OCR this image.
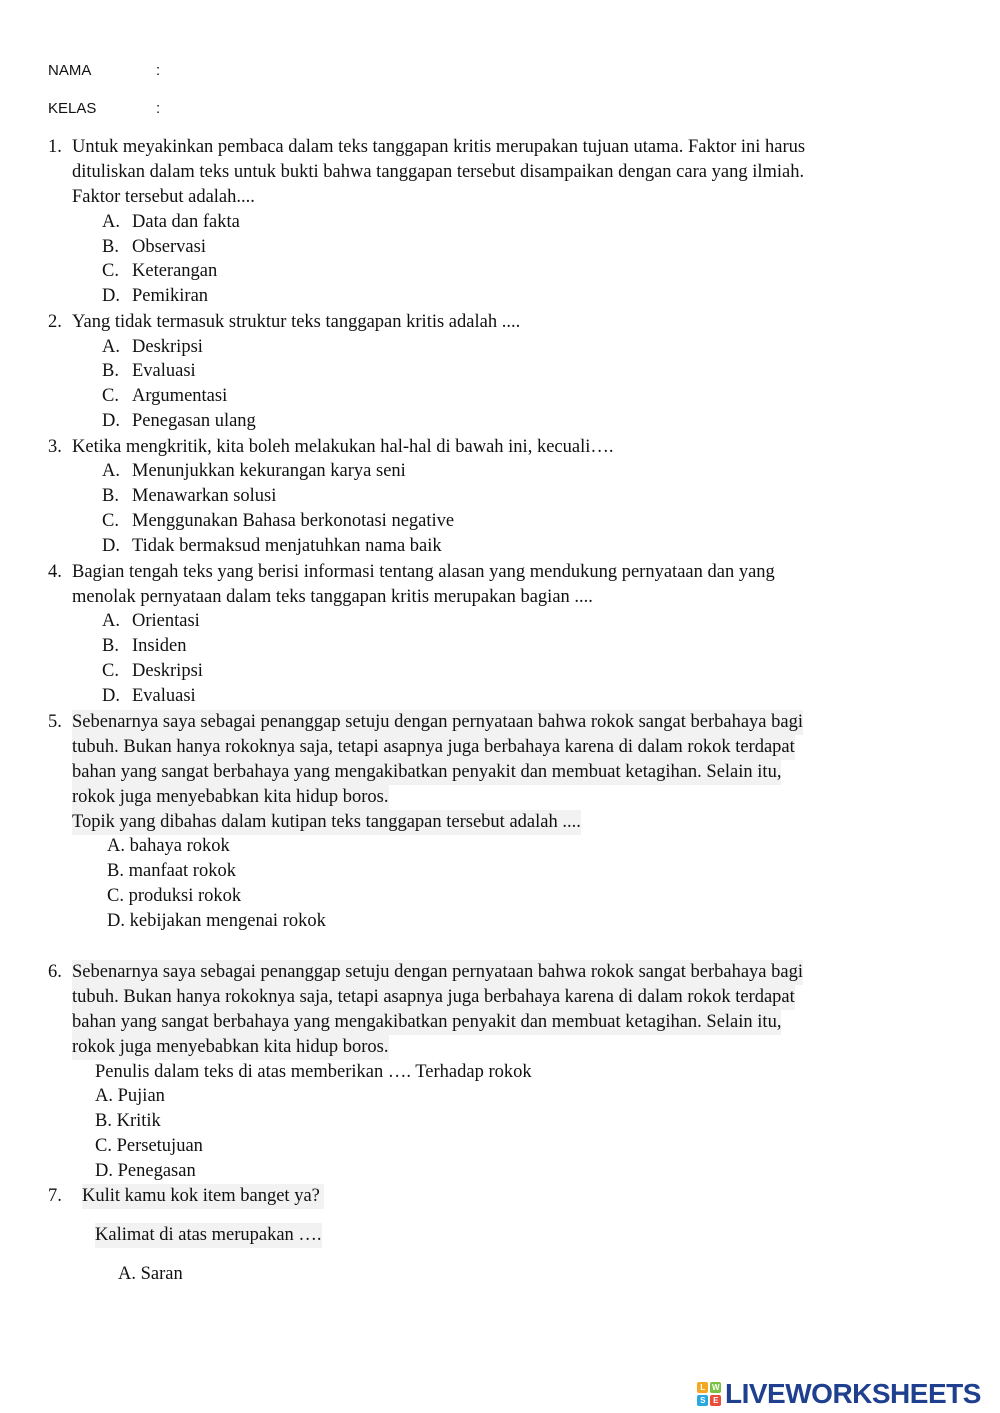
NAMA	:
KELAS	:
1. Untuk meyakinkan pembaca dalam teks tanggapan kritis merupakan tujuan utama. Faktor ini harus
dituliskan dalam teks untuk bukti bahwa tanggapan tersebut disampaikan dengan cara yang ilmiah.
Faktor tersebut adalah....
A. Data dan fakta
B. Observasi
C. Keterangan
D. Pemikiran
2. Yang tidak termasuk struktur teks tanggapan kritis adalah ....
A. Deskripsi
B. Evaluasi
C. Argumentasi
D. Penegasan ulang
3. Ketika mengkritik, kita boleh melakukan hal-hal di bawah ini, kecuali….
A. Menunjukkan kekurangan karya seni
B. Menawarkan solusi
C. Menggunakan Bahasa berkonotasi negative
D. Tidak bermaksud menjatuhkan nama baik
4. Bagian tengah teks yang berisi informasi tentang alasan yang mendukung pernyataan dan yang
menolak pernyataan dalam teks tanggapan kritis merupakan bagian ....
A. Orientasi
B. Insiden
C. Deskripsi
D. Evaluasi
5. Sebenarnya saya sebagai penanggap setuju dengan pernyataan bahwa rokok sangat berbahaya bagi
tubuh. Bukan hanya rokoknya saja, tetapi asapnya juga berbahaya karena di dalam rokok terdapat
bahan yang sangat berbahaya yang mengakibatkan penyakit dan membuat ketagihan. Selain itu,
rokok juga menyebabkan kita hidup boros.
Topik yang dibahas dalam kutipan teks tanggapan tersebut adalah ....
A. bahaya rokok
B. manfaat rokok
C. produksi rokok
D. kebijakan mengenai rokok
6. Sebenarnya saya sebagai penanggap setuju dengan pernyataan bahwa rokok sangat berbahaya bagi
tubuh. Bukan hanya rokoknya saja, tetapi asapnya juga berbahaya karena di dalam rokok terdapat
bahan yang sangat berbahaya yang mengakibatkan penyakit dan membuat ketagihan. Selain itu,
rokok juga menyebabkan kita hidup boros.
Penulis dalam teks di atas memberikan …. Terhadap rokok
A. Pujian
B. Kritik
C. Persetujuan
D. Penegasan
7. Kulit kamu kok item banget ya?
Kalimat di atas merupakan ….
A. Saran
L W
S	E LIVEWORKSHEETS
